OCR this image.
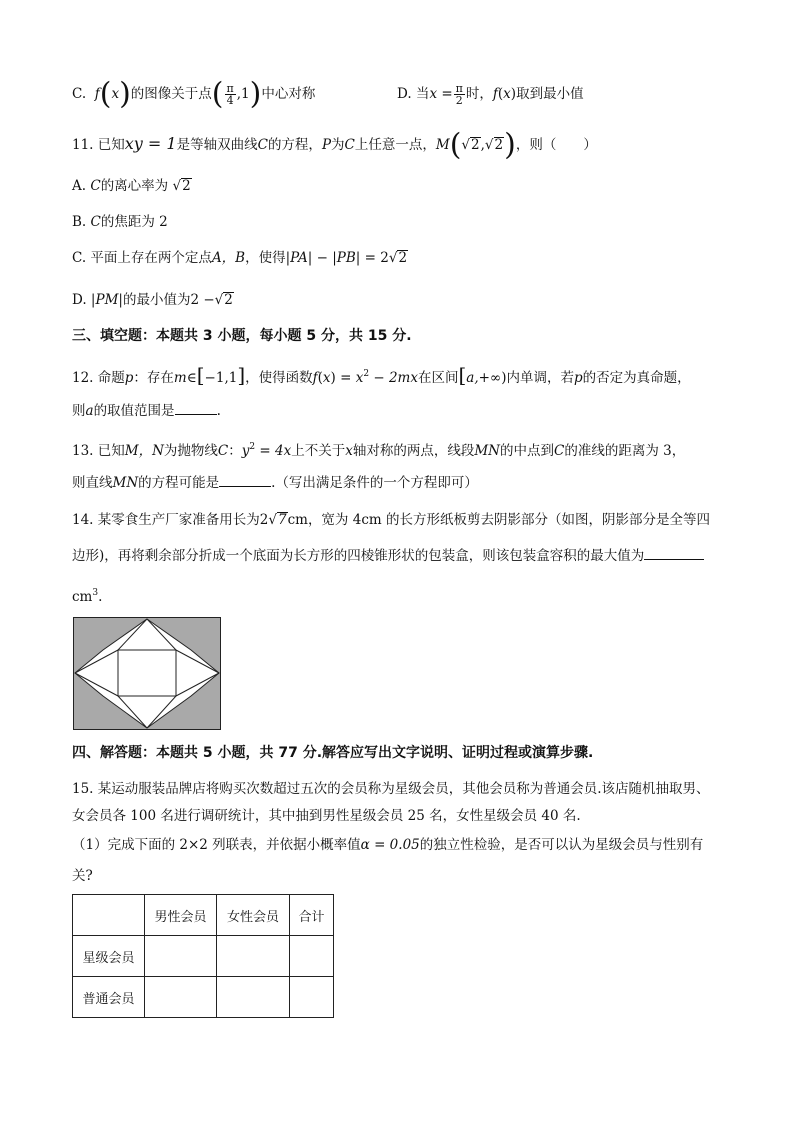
C. f(x)的图像关于点( $\frac{\pi}{4} ,1$)中心对称	D. 当$x = \frac{\pi}{2}$ 时，f(x)取到最小值
11. 已知xy = 1是等轴双曲线C的方程，P为C上任意一点，M(√2,√2)，则（　　）
A. C的离心率为 √2
B. C的焦距为 2
C. 平面上存在两个定点A，B，使得|PA| − |PB| = 2√2
D. |PM|的最小值为2 −√2
三、填空题：本题共 3 小题，每小题 5 分，共 15 分.
12. 命题p：存在m∈[−1,1]，使得函数$f(x) = x^2 - 2mx$在区间[a,+∞)内单调，若p的否定为真命题，
则a的取值范围是	.
13. 已知M，N为抛物线C：$y^2 = 4x$上不关于x轴对称的两点，线段MN的中点到C的准线的距离为 3，
则直线MN的方程可能是	.（写出满足条件的一个方程即可）
14. 某零食生产厂家准备用长为2√7cm，宽为 4cm 的长方形纸板剪去阴影部分（如图，阴影部分是全等四
边形)，再将剩余部分折成一个底面为长方形的四棱锥形状的包装盒，则该包装盒容积的最大值为
$cm^3$.
四、解答题：本题共 5 小题，共 77 分.解答应写出文字说明、证明过程或演算步骤.
15. 某运动服装品牌店将购买次数超过五次的会员称为星级会员，其他会员称为普通会员.该店随机抽取男、
女会员各 100 名进行调研统计，其中抽到男性星级会员 25 名，女性星级会员 40 名.
（1）完成下面的 2×2 列联表，并依据小概率值α = 0.05的独立性检验，是否可以认为星级会员与性别有
关?
	男性会员	女性会员	合计
星级会员			
普通会员			
